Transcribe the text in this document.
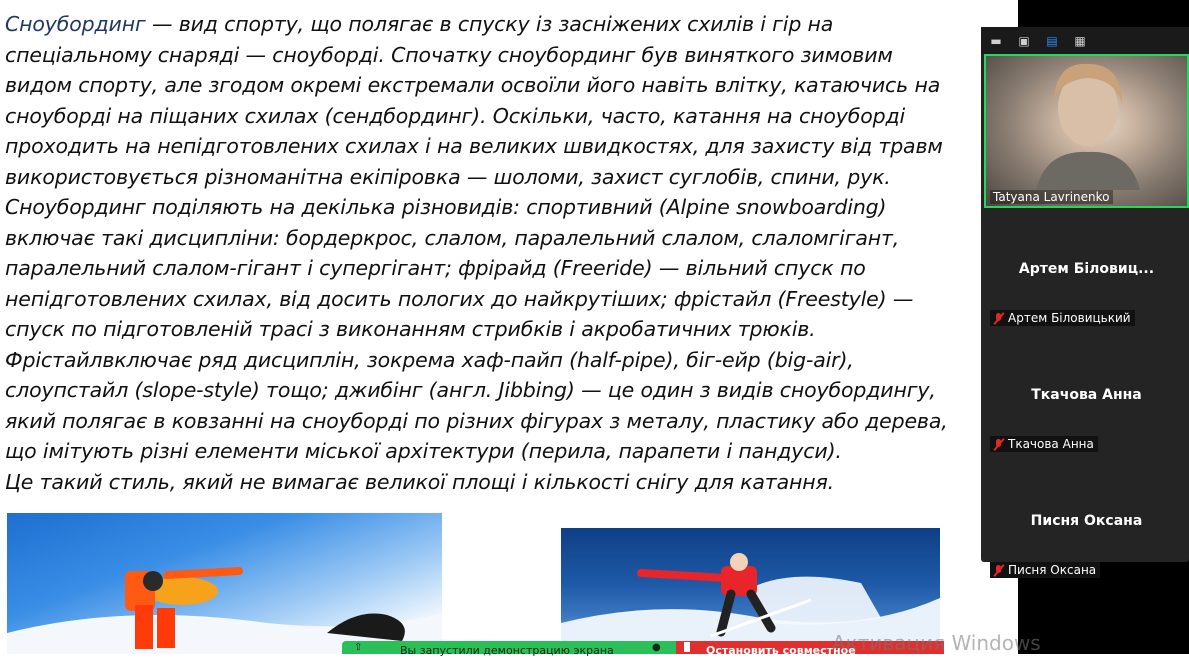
Сноубординг — вид спорту, що полягає в спуску із засніжених схилів і гір на
спеціальному снаряді — сноуборді. Спочатку сноубординг був виняткого зимовим
видом спорту, але згодом окремі екстремали освоїли його навіть влітку, катаючись на
сноуборді на піщаних схилах (сендбординг). Оскільки, часто, катання на сноуборді
проходить на непідготовлених схилах і на великих швидкостях, для захисту від травм
використовується різноманітна екіпіровка — шоломи, захист суглобів, спини, рук.
Сноубординг поділяють на декілька різновидів: спортивний (Alpine snowboarding)
включає такі дисципліни: бордеркрос, слалом, паралельний слалом, слаломгігант,
паралельний слалом-гігант і супергігант; фрірайд (Freeride) — вільний спуск по
непідготовлених схилах, від досить пологих до найкрутіших; фрістайл (Freestyle) —
спуск по підготовленій трасі з виконанням стрибків і акробатичних трюків.
Фрістайлвключає ряд дисциплін, зокрема хаф-пайп (half-pipe), біг-ейр (big-air),
слоупстайл (slope-style) тощо; джибінг (англ. Jibbing) — це один з видів сноубордингу,
який полягає в ковзанні на сноуборді по різних фігурах з металу, пластику або дерева,
що імітують різні елементи міської архітектури (перила, парапети і пандуси).
Це такий стиль, який не вимагає великої площі і кількості снігу для катання.
▬ ▣ ▤ ▦
Tatyana Lavrinenko
Артем Біловиц...
Артем Біловицький
Ткачова Анна
Ткачова Анна
Писня Оксана
Писня Оксана
⇧	Вы запустили демонстрацию экрана	●	Остановить совместное использование
Активация Windows
